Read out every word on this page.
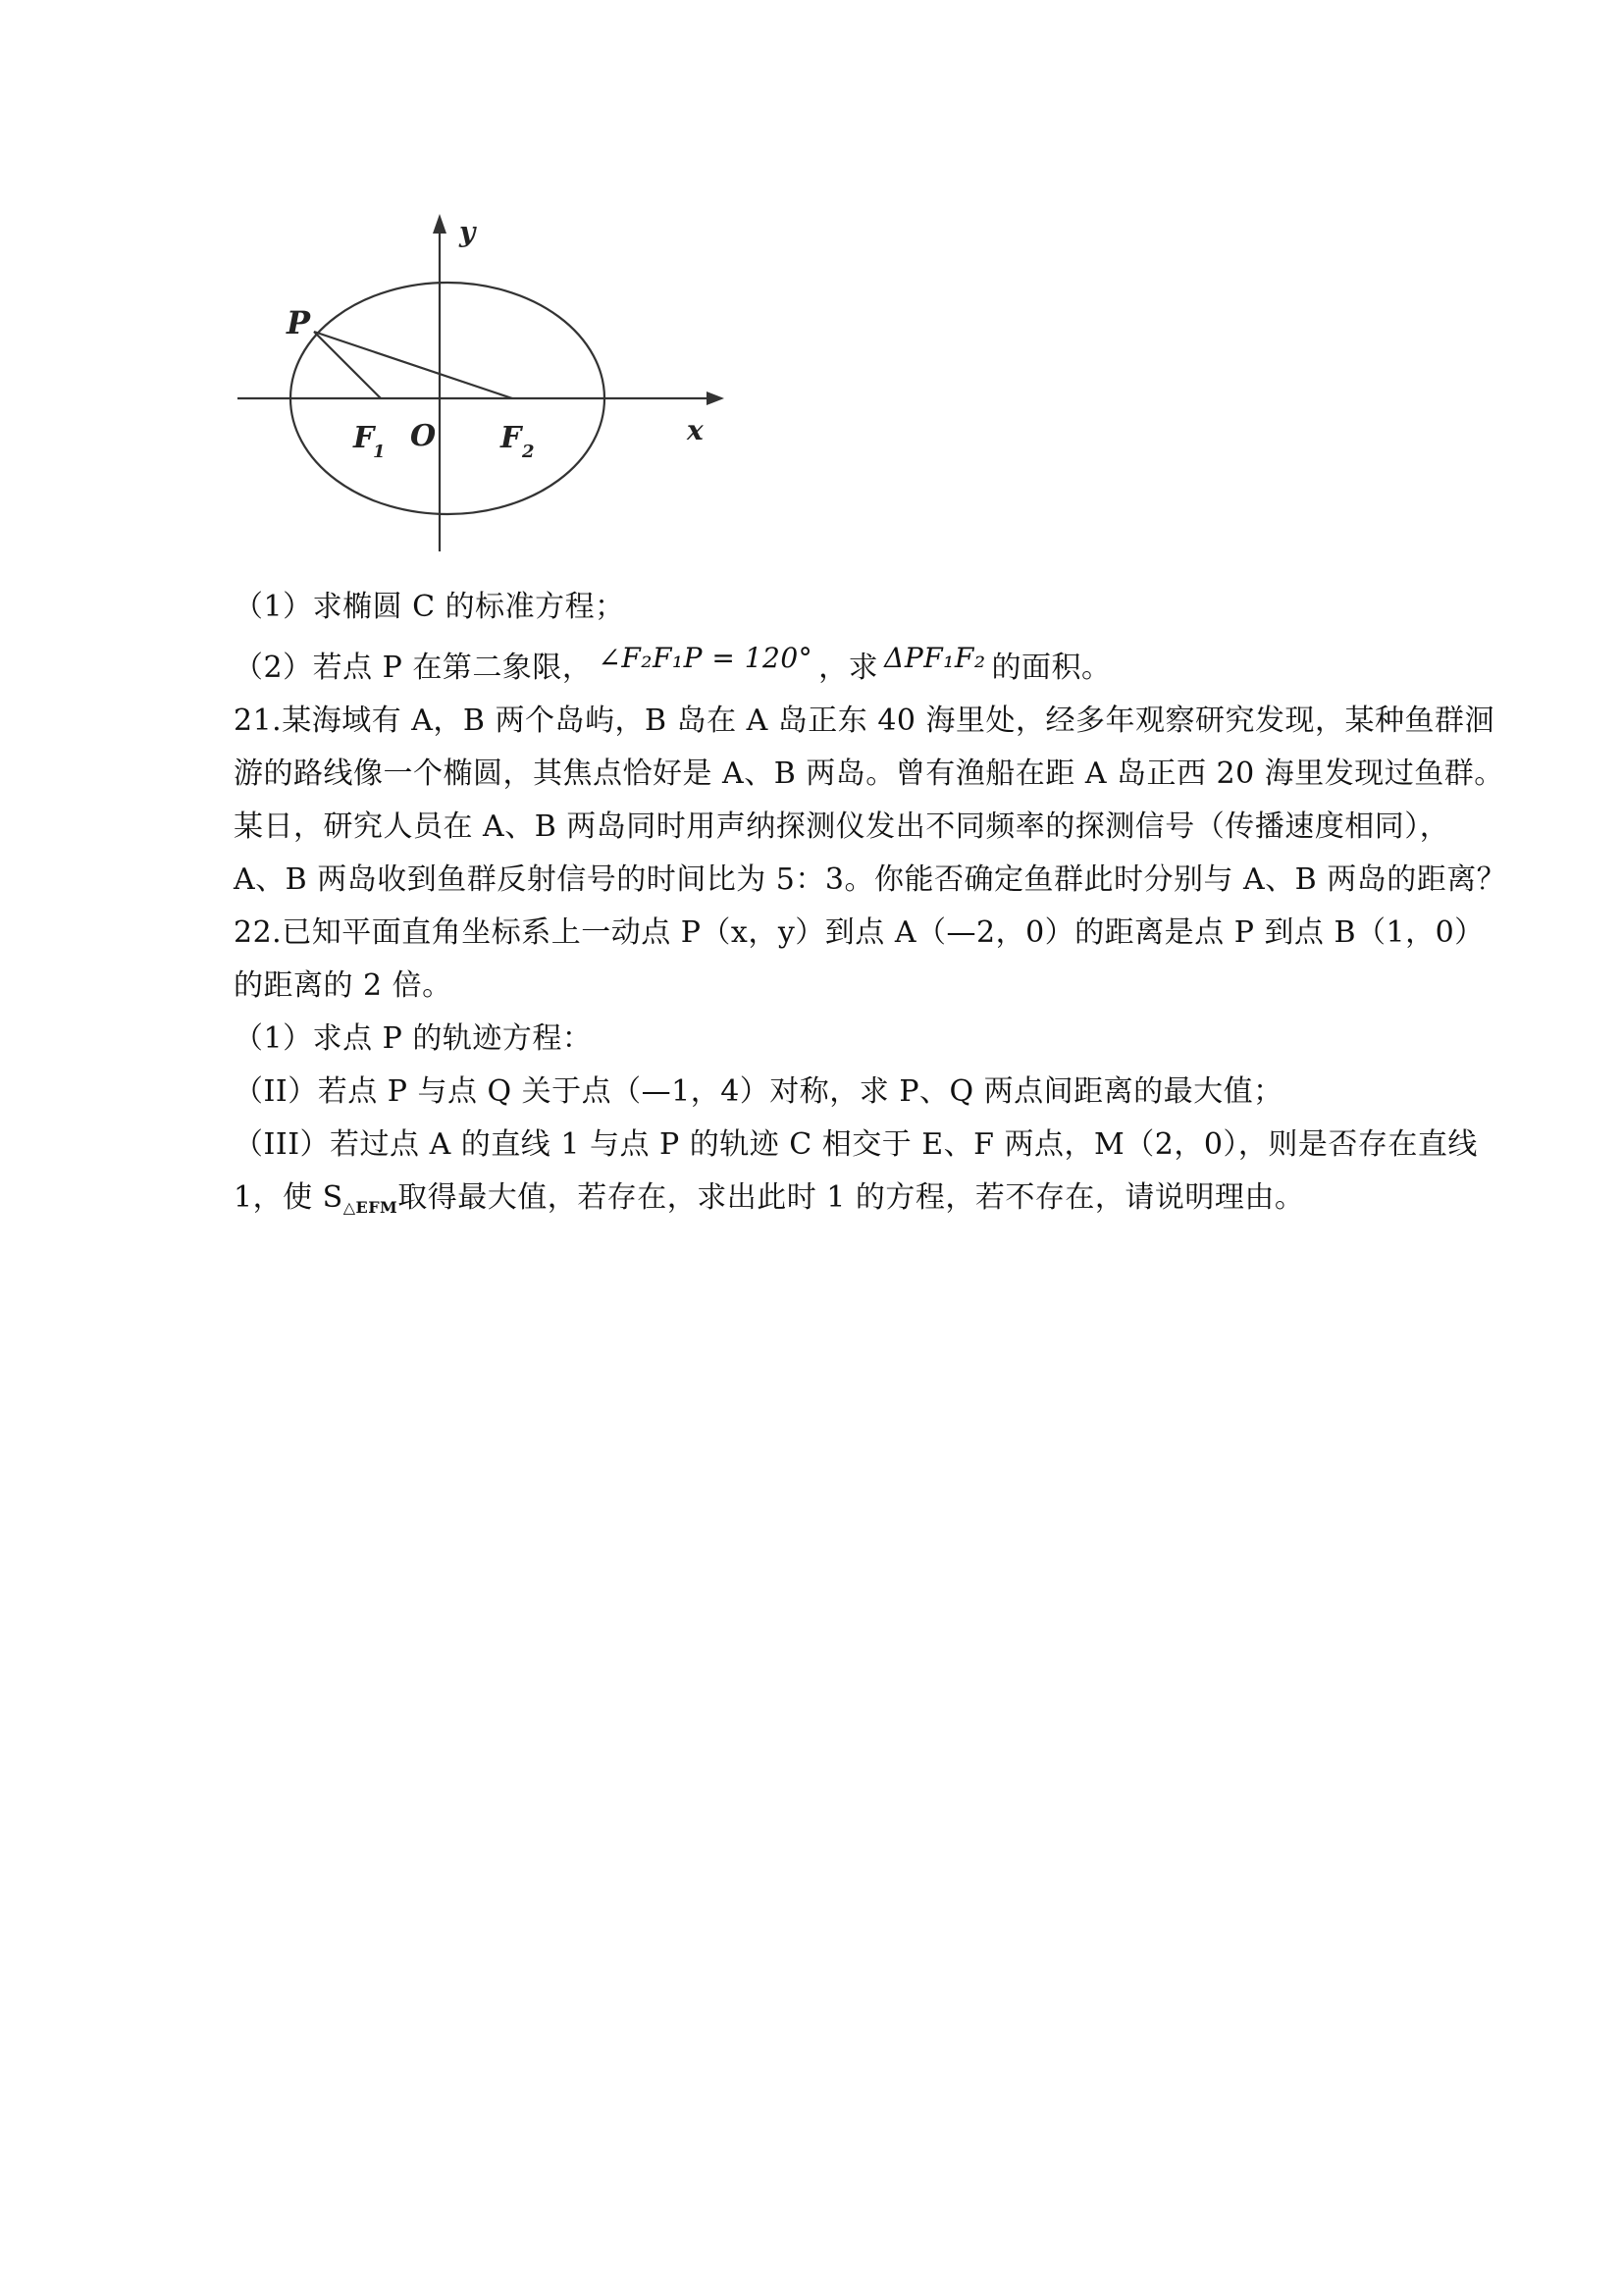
y
x
P
F
1 O F 2
（1）求椭圆 C 的标准方程；
（2）若点 P 在第二象限， ∠F₂F₁P = 120° ，求 ΔPF₁F₂ 的面积。
21.某海域有 A，B 两个岛屿，B 岛在 A 岛正东 40 海里处，经多年观察研究发现，某种鱼群洄
游的路线像一个椭圆，其焦点恰好是 A、B 两岛。曾有渔船在距 A 岛正西 20 海里发现过鱼群。
某日，研究人员在 A、B 两岛同时用声纳探测仪发出不同频率的探测信号（传播速度相同），
A、B 两岛收到鱼群反射信号的时间比为 5：3。你能否确定鱼群此时分别与 A、B 两岛的距离？
22.已知平面直角坐标系上一动点 P（x，y）到点 A（—2，0）的距离是点 P 到点 B（1，0）
的距离的 2 倍。
（1）求点 P 的轨迹方程：
（II）若点 P 与点 Q 关于点（—1，4）对称，求 P、Q 两点间距离的最大值；
（III）若过点 A 的直线 1 与点 P 的轨迹 C 相交于 E、F 两点，M（2，0），则是否存在直线
1，使 $S_{\triangle EFM}$取得最大值，若存在，求出此时 1 的方程，若不存在，请说明理由。
